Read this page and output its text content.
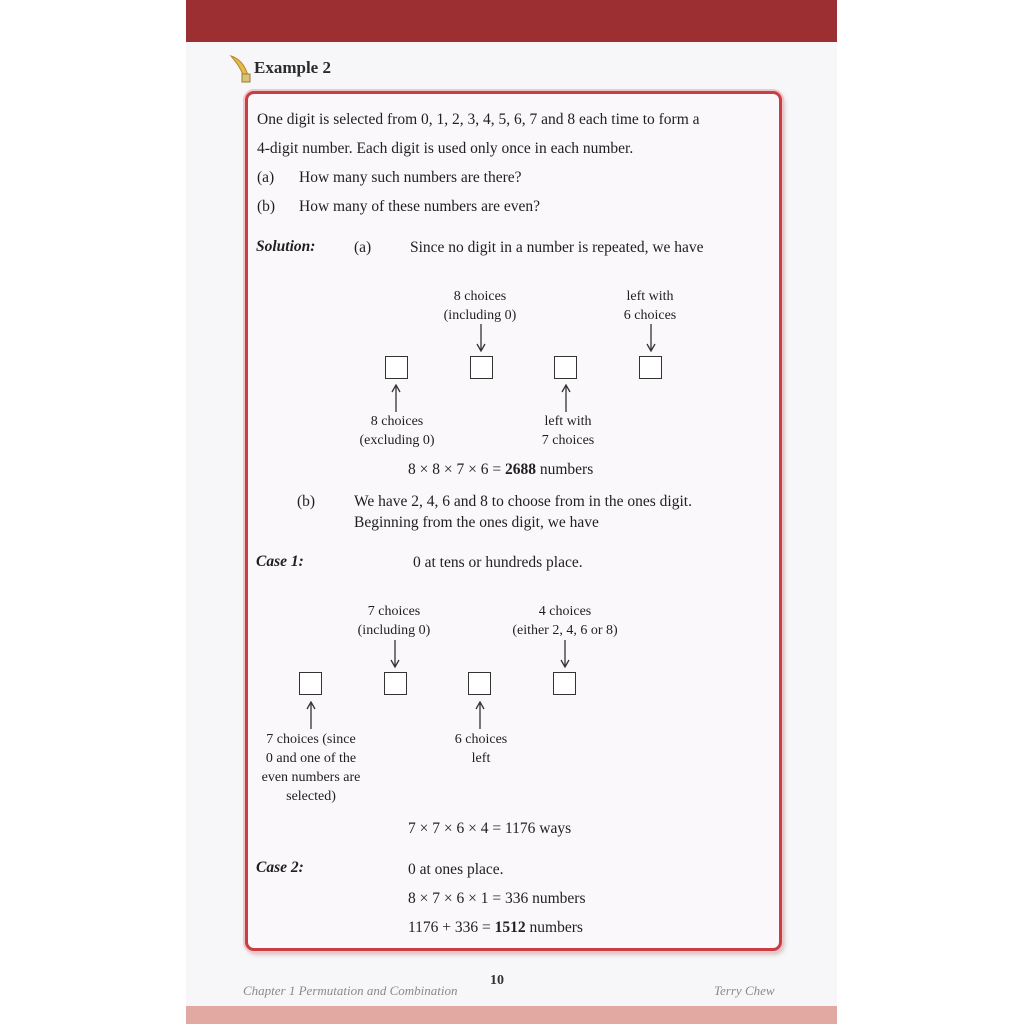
Example 2
One digit is selected from 0, 1, 2, 3, 4, 5, 6, 7 and 8 each time to form a
4-digit number. Each digit is used only once in each number.
(a) How many such numbers are there?
(b) How many of these numbers are even?
Solution: (a)	Since no digit in a number is repeated, we have
8 choices
(including 0)
left with
6 choices
8 choices
(excluding 0)
left with
7 choices
8 × 8 × 7 × 6 = 2688 numbers
(b)	We have 2, 4, 6 and 8 to choose from in the ones digit.
Beginning from the ones digit, we have
Case 1:	0 at tens or hundreds place.
7 choices
(including 0)
4 choices
(either 2, 4, 6 or 8)
7 choices (since
0 and one of the
even numbers are
selected)
6 choices
left
7 × 7 × 6 × 4 = 1176 ways
Case 2:	0 at ones place.
8 × 7 × 6 × 1 = 336 numbers
1176 + 336 = 1512 numbers
Chapter 1 Permutation and Combination
10
Terry Chew
